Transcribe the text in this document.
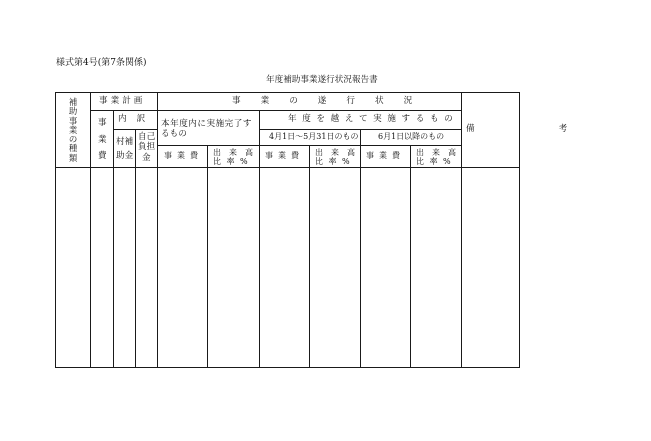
様式第4号(第7条関係)
年度補助事業遂行状況報告書
補
助
事
業
の
種
類
事業計画
事
業
費
内訳
村補
助金
自己
負担
金
事業の遂行状況
本年度内に実施完了す
るもの
年度を越えて実施するもの
4月1日〜5月31日のもの 6月1日以降のもの
事業費 出来高
比率%
事業費 出来高
比率%
事業費 出来高
比率%
備考
